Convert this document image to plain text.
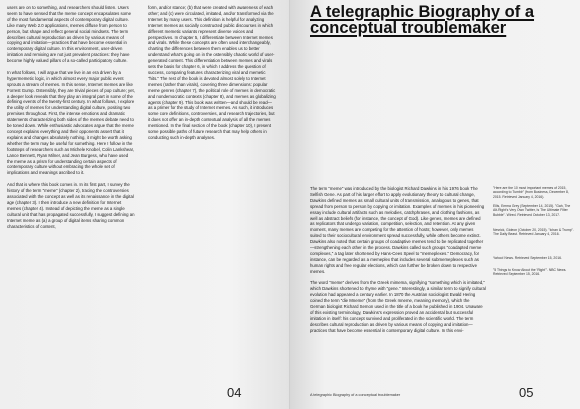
users are on to something, and researchers should listen. Users seem to have sensed that the meme concept encapsulates some of the most fundamental aspects of contemporary digital culture. Like many Web 2.0 applications, memes diffuse from person to person, but shape and reflect general social mindsets. The term describes cultural reproduction as driven by various means of copying and imitation—practices that have become essential in contemporary digital culture. In this environment, user-driven imitation and remixing are not just prevalent practices: they have become highly valued pillars of a so-called participatory culture.

In what follows, I will argue that we live in an era driven by a hypermemetic logic, in which almost every major public event sprouts a stream of memes. In this sense, Internet memes are like Forrest Gump. Ostensibly, they are trivial pieces of pop culture; yet, a deeper look reveals that they play an integral part in some of the defining events of the twenty-first century. In what follows, I explore the utility of memes for understanding digital culture, positing two premises throughout. First, the intense emotions and dramatic statements characterizing both sides of the memes debate need to be toned down. While enthusiastic advocates argue that the meme concept explains everything and their opponents assert that it explains and changes absolutely nothing, it might be worth asking whether the term may be useful for something. Here I follow in the footsteps of researchers such as Michele Knobel, Colin Lankshear, Lance Bennett, Ryan Milner, and Jean Burgess, who have used the meme as a prism for understanding certain aspects of contemporary culture without embracing the whole set of implications and meanings ascribed to it.

And that is where this book comes in. In its first part, I survey the history of the term "meme" (chapter 2), tracing the controversies associated with the concept as well as its renaissance in the digital age (chapter 3). I then introduce a new definition for Internet memes (chapter 4). Instead of depicting the meme as a single cultural unit that has propagated successfully, I suggest defining an Internet meme as (a) a group of digital items sharing common characteristics of content,

form, and/or stance; (b) that were created with awareness of each other; and (c) were circulated, imitated, and/or transformed via the Internet by many users. This definition is helpful for analyzing Internet memes as socially constructed public discourses in which different memetic variants represent diverse voices and perspectives. In chapter 5, I differentiate between Internet memes and virals. While these concepts are often used interchangeably, charting the differences between them enables us to better understand what's going on in the ostensibly chaotic world of user-generated content. This differentiation between memes and virals sets the basis for chapter 6, in which I address the question of success, comparing features characterizing viral and memetic "hits." The rest of the book is devoted almost solely to Internet memes (rather than virals), covering three dimensions: popular meme genres (chapter 7), the political role of memes in democratic and nondemocratic contexts (chapter 8), and memes as globalizing agents (chapter 9). This book was written—and should be read—as a primer for the study of Internet memes. As such, it introduces some core definitions, controversies, and research trajectories, but it does not offer an in-depth contextual analysis of all the memes mentioned. In the final section of the book (chapter 10), I present some possible paths of future research that may help others in conducting such in-depth analyses.

04
A telegraphic Biography of a conceptual troublemaker

The term "meme" was introduced by the biologist Richard Dawkins in his 1976 book The Selfish Gene. As part of his larger effort to apply evolutionary theory to cultural change, Dawkins defined memes as small cultural units of transmission, analogous to genes, that spread from person to person by copying or imitation. Examples of memes in his pioneering essay include cultural artifacts such as melodies, catchphrases, and clothing fashions, as well as abstract beliefs (for instance, the concept of God). Like genes, memes are defined as replicators that undergo variation, competition, selection, and retention. At any given moment, many memes are competing for the attention of hosts; however, only memes suited to their sociocultural environment spread successfully, while others become extinct. Dawkins also noted that certain groups of coadaptive memes tend to be replicated together—strengthening each other in the process. Dawkins called such groups "coadapted meme complexes," a tag later shortened by Hans-Cees Speel to "memeplexes." Democracy, for instance, can be regarded as a memeplex that includes several submemeplexes such as human rights and free regular elections, which can further be broken down to respective memes.

The word "meme" derives from the Greek mimema, signifying "something which is imitated," which Dawkins shortened to rhyme with "gene." Interestingly, a similar term to signify cultural evolution had appeared a century earlier. In 1870 the Austrian sociologist Ewald Hering coined the term "die Mneme" (from the Greek mneme, meaning memory), which the German biologist Richard Semon used in the title of a book he published in 1904. Unaware of this existing terminology, Dawkins's expression proved an accidental but successful imitation in itself: his concept survived and proliferated in the scientific world. The term describes cultural reproduction as driven by various means of copying and imitation—practices that have become essential in contemporary digital culture. In this envi-

"Here are the 10 most important memes of 2015, according to Tumblr" (from Business, December 8, 2015. Retrieved January 4, 2016).
Ellis, Emma Grey (September 14, 2015). "Gah, The Alt-Right's Very Own Twitter, Is The Ultimate Filter Bubble". Wired. Retrieved October 13, 2017.
Nesrick, Gideon (October 20, 2015). "Ichan & Trump". The Daily Beast. Retrieved January 4, 2016.
Yahoo! News. Retrieved September 15, 2016.
"5 Things to Know About the 'Right'". NBC News. Retrieved September 15, 2016.
A telegraphic Biography of a conceptual troublemaker	05
